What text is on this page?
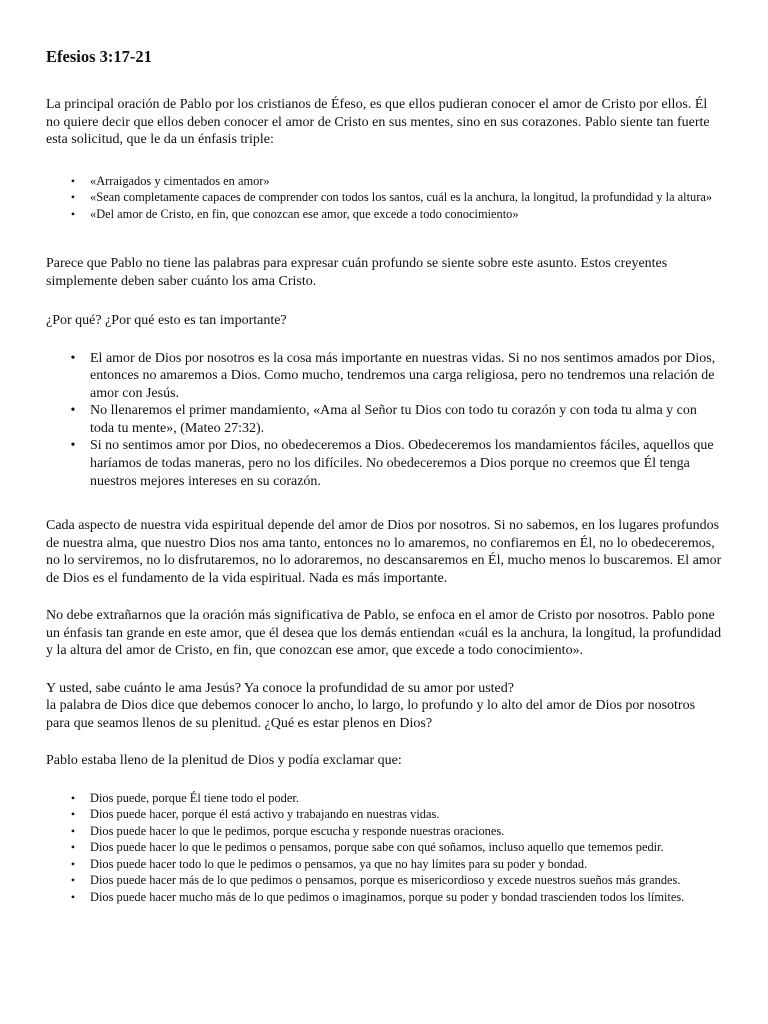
Efesios 3:17-21

La principal oración de Pablo por los cristianos de Éfeso, es que ellos pudieran conocer el amor de Cristo por ellos. Él no quiere decir que ellos deben conocer el amor de Cristo en sus mentes, sino en sus corazones. Pablo siente tan fuerte esta solicitud, que le da un énfasis triple:

• «Arraigados y cimentados en amor»
• «Sean completamente capaces de comprender con todos los santos, cuál es la anchura, la longitud, la profundidad y la altura»
• «Del amor de Cristo, en fin, que conozcan ese amor, que excede a todo conocimiento»

Parece que Pablo no tiene las palabras para expresar cuán profundo se siente sobre este asunto. Estos creyentes simplemente deben saber cuánto los ama Cristo.

¿Por qué? ¿Por qué esto es tan importante?

• El amor de Dios por nosotros es la cosa más importante en nuestras vidas. Si no nos sentimos amados por Dios, entonces no amaremos a Dios. Como mucho, tendremos una carga religiosa, pero no tendremos una relación de amor con Jesús.
• No llenaremos el primer mandamiento, «Ama al Señor tu Dios con todo tu corazón y con toda tu alma y con toda tu mente», (Mateo 27:32).
• Si no sentimos amor por Dios, no obedeceremos a Dios. Obedeceremos los mandamientos fáciles, aquellos que haríamos de todas maneras, pero no los difíciles. No obedeceremos a Dios porque no creemos que Él tenga nuestros mejores intereses en su corazón.

Cada aspecto de nuestra vida espiritual depende del amor de Dios por nosotros. Si no sabemos, en los lugares profundos de nuestra alma, que nuestro Dios nos ama tanto, entonces no lo amaremos, no confiaremos en Él, no lo obedeceremos, no lo serviremos, no lo disfrutaremos, no lo adoraremos, no descansaremos en Él, mucho menos lo buscaremos. El amor de Dios es el fundamento de la vida espiritual. Nada es más importante.

No debe extrañarnos que la oración más significativa de Pablo, se enfoca en el amor de Cristo por nosotros. Pablo pone un énfasis tan grande en este amor, que él desea que los demás entiendan «cuál es la anchura, la longitud, la profundidad y la altura del amor de Cristo, en fin, que conozcan ese amor, que excede a todo conocimiento».

Y usted, sabe cuánto le ama Jesús? Ya conoce la profundidad de su amor por usted?

la palabra de Dios dice que debemos conocer lo ancho, lo largo, lo profundo y lo alto del amor de Dios por nosotros para que seamos llenos de su plenitud. ¿Qué es estar plenos en Dios?

Pablo estaba lleno de la plenitud de Dios y podía exclamar que:

• Dios puede, porque Él tiene todo el poder.
• Dios puede hacer, porque él está activo y trabajando en nuestras vidas.
• Dios puede hacer lo que le pedimos, porque escucha y responde nuestras oraciones.
• Dios puede hacer lo que le pedimos o pensamos, porque sabe con qué soñamos, incluso aquello que tememos pedir.
• Dios puede hacer todo lo que le pedimos o pensamos, ya que no hay límites para su poder y bondad.
• Dios puede hacer más de lo que pedimos o pensamos, porque es misericordioso y excede nuestros sueños más grandes.
• Dios puede hacer mucho más de lo que pedimos o imaginamos, porque su poder y bondad trascienden todos los límites.
